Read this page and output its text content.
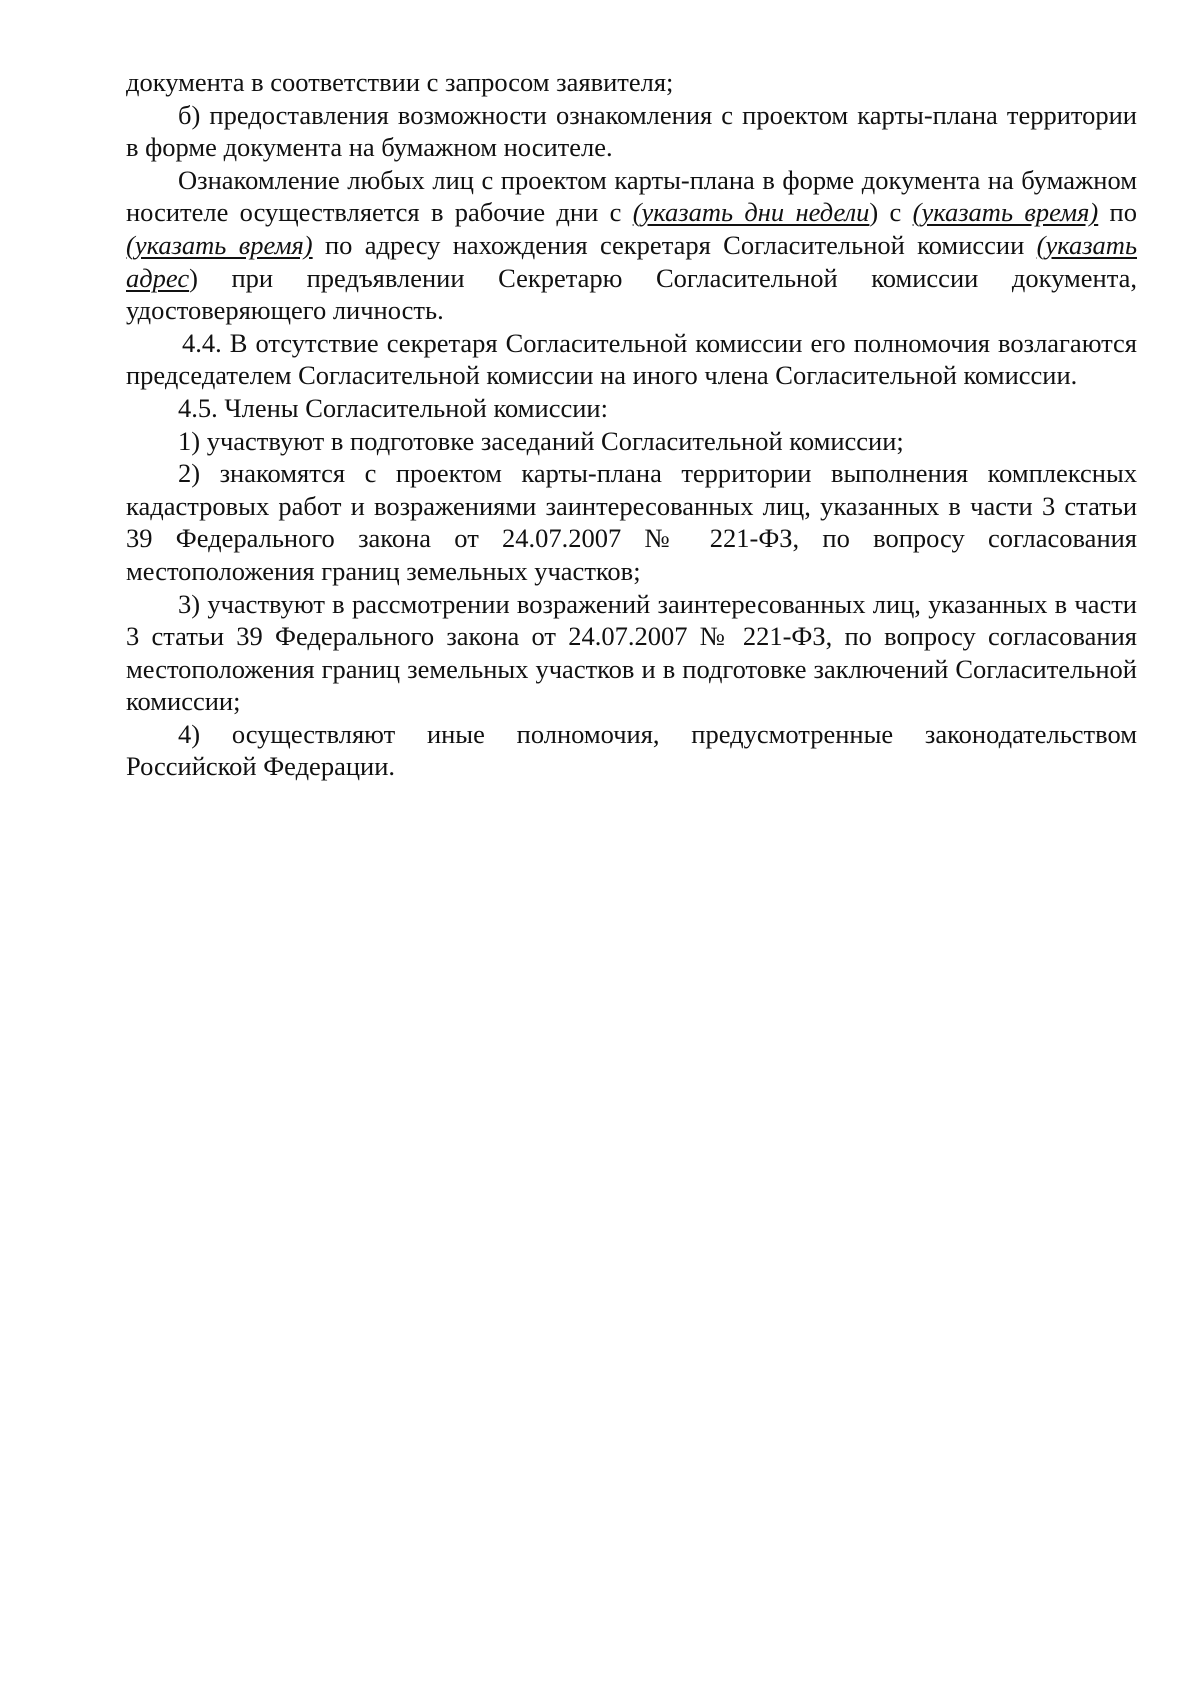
документа в соответствии с запросом заявителя;

б) предоставления возможности ознакомления с проектом карты-плана территории в форме документа на бумажном носителе.

Ознакомление любых лиц с проектом карты-плана в форме документа на бумажном носителе осуществляется в рабочие дни с (указать дни недели) с (указать время) по (указать время) по адресу нахождения секретаря Согласительной комиссии (указать адрес) при предъявлении Секретарю Согласительной комиссии документа, удостоверяющего личность.

4.4. В отсутствие секретаря Согласительной комиссии его полномочия возлагаются председателем Согласительной комиссии на иного члена Согласительной комиссии.

4.5. Члены Согласительной комиссии:

1) участвуют в подготовке заседаний Согласительной комиссии;

2) знакомятся с проектом карты-плана территории выполнения комплексных кадастровых работ и возражениями заинтересованных лиц, указанных в части 3 статьи 39 Федерального закона от 24.07.2007 № 221-ФЗ, по вопросу согласования местоположения границ земельных участков;

3) участвуют в рассмотрении возражений заинтересованных лиц, указанных в части 3 статьи 39 Федерального закона от 24.07.2007 № 221-ФЗ, по вопросу согласования местоположения границ земельных участков и в подготовке заключений Согласительной комиссии;

4) осуществляют иные полномочия, предусмотренные законодательством Российской Федерации.
